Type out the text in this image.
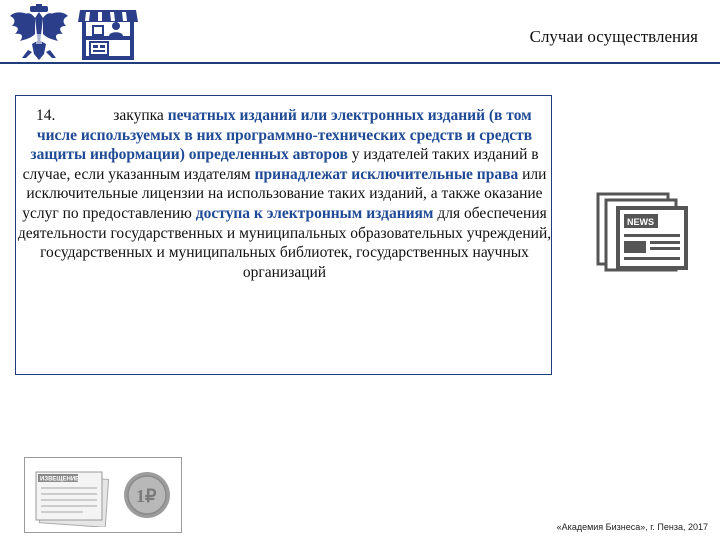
Случаи осуществления
14.	закупка печатных изданий или электронных изданий (в том числе используемых в них программно-технических средств и средств защиты информации) определенных авторов у издателей таких изданий в случае, если указанным издателям принадлежат исключительные права или исключительные лицензии на использование таких изданий, а также оказание услуг по предоставлению доступа к электронным изданиям для обеспечения деятельности государственных и муниципальных образовательных учреждений, государственных и муниципальных библиотек, государственных научных организаций
NEWS
ИЗВЕЩЕНИЕ
1₽
«Академия Бизнеса», г. Пенза, 2017
